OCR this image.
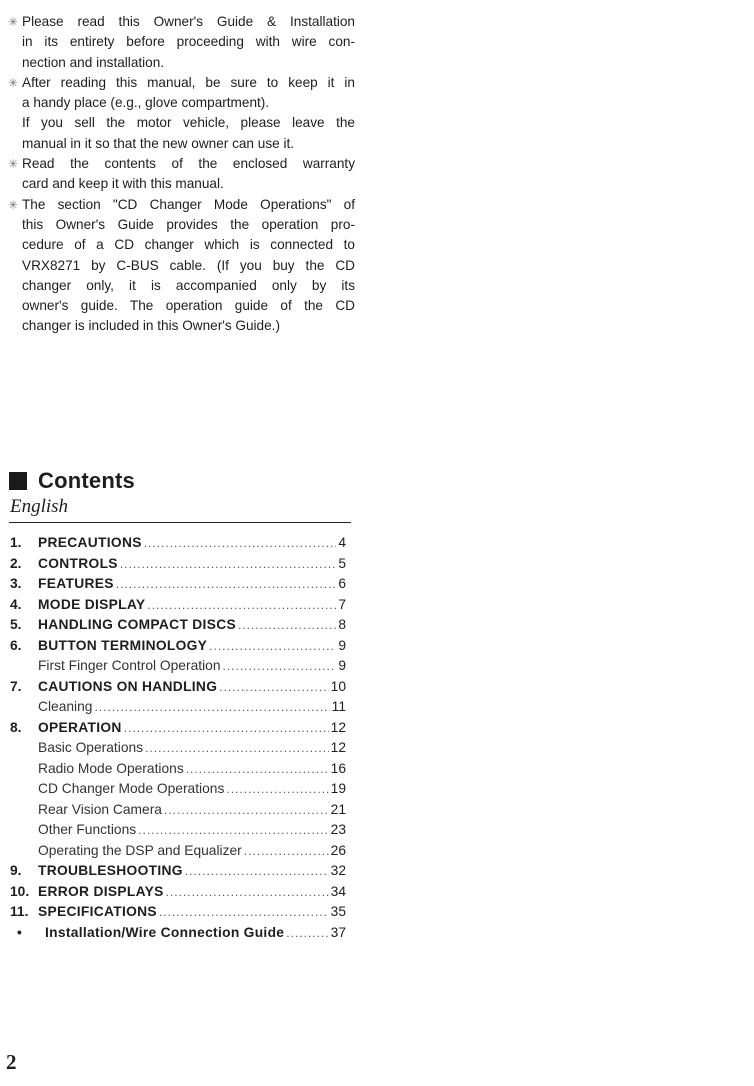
✳ Please read this Owner's Guide & Installation
in its entirety before proceeding with wire con-
nection and installation.
✳ After reading this manual, be sure to keep it in
a handy place (e.g., glove compartment).
If you sell the motor vehicle, please leave the
manual in it so that the new owner can use it.
✳ Read the contents of the enclosed warranty
card and keep it with this manual.
✳ The section "CD Changer Mode Operations" of
this Owner's Guide provides the operation pro-
cedure of a CD changer which is connected to
VRX8271 by C-BUS cable. (If you buy the CD
changer only, it is accompanied only by its
owner's guide. The operation guide of the CD
changer is included in this Owner's Guide.)
Contents
English
1.	PRECAUTIONS .....	4
2.	CONTROLS .....	5
3.	FEATURES .....	6
4.	MODE DISPLAY .....	7
5.	HANDLING COMPACT DISCS .....	8
6.	BUTTON TERMINOLOGY .....	9
First Finger Control Operation .....	9
7.	CAUTIONS ON HANDLING .....	10
Cleaning .....	11
8.	OPERATION .....	12
Basic Operations .....	12
Radio Mode Operations .....	16
CD Changer Mode Operations .....	19
Rear Vision Camera .....	21
Other Functions .....	23
Operating the DSP and Equalizer .....	26
9.	TROUBLESHOOTING .....	32
10. ERROR DISPLAYS .....	34
11. SPECIFICATIONS .....	35
•	Installation/Wire Connection Guide .....	37
2
